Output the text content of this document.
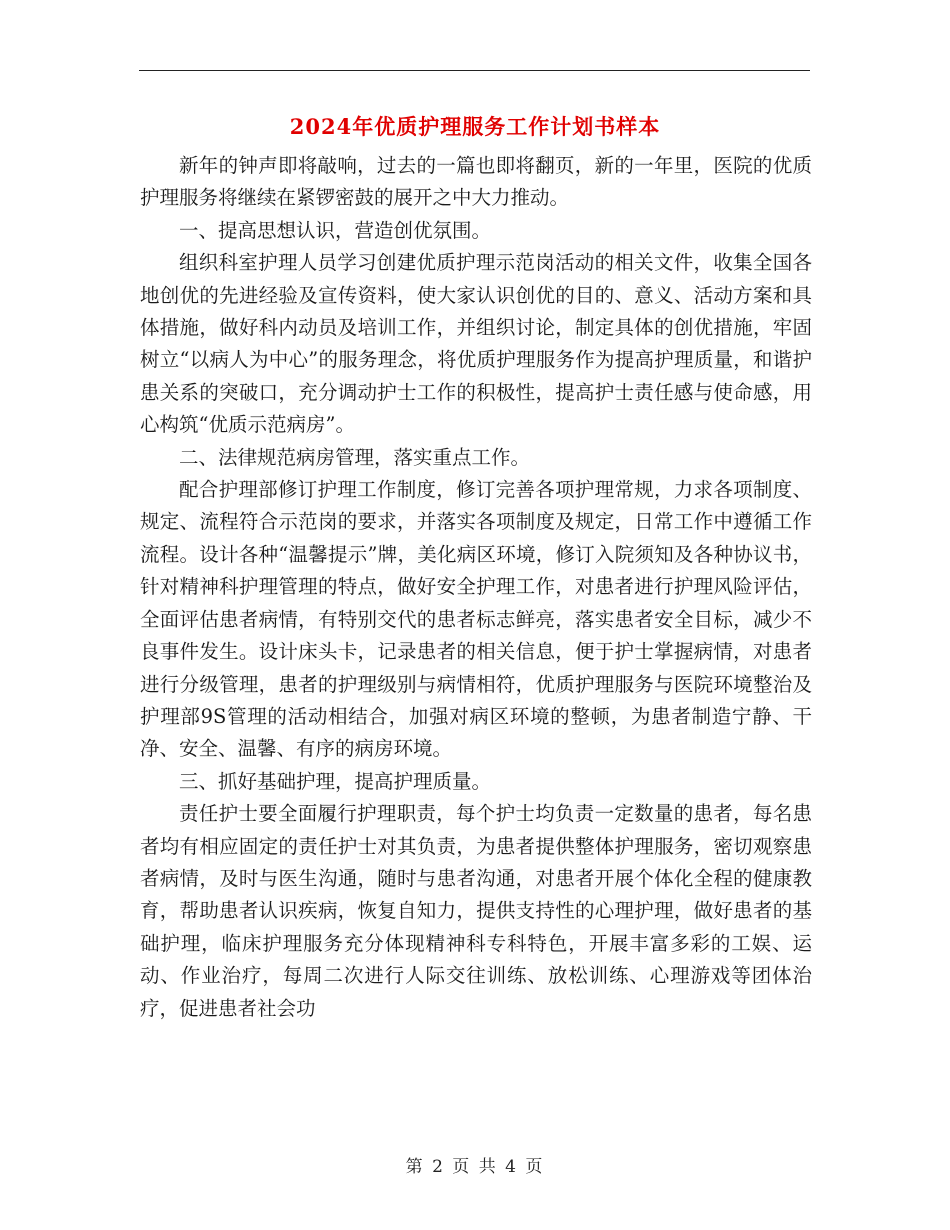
2024年优质护理服务工作计划书样本

新年的钟声即将敲响，过去的一篇也即将翻页，新的一年里，医院的优质护理服务将继续在紧锣密鼓的展开之中大力推动。

一、提高思想认识，营造创优氛围。

组织科室护理人员学习创建优质护理示范岗活动的相关文件，收集全国各地创优的先进经验及宣传资料，使大家认识创优的目的、意义、活动方案和具体措施，做好科内动员及培训工作，并组织讨论，制定具体的创优措施，牢固树立“以病人为中心”的服务理念，将优质护理服务作为提高护理质量，和谐护患关系的突破口，充分调动护士工作的积极性，提高护士责任感与使命感，用心构筑“优质示范病房”。

二、法律规范病房管理，落实重点工作。

配合护理部修订护理工作制度，修订完善各项护理常规，力求各项制度、规定、流程符合示范岗的要求，并落实各项制度及规定，日常工作中遵循工作流程。设计各种“温馨提示”牌，美化病区环境，修订入院须知及各种协议书，针对精神科护理管理的特点，做好安全护理工作，对患者进行护理风险评估，全面评估患者病情，有特别交代的患者标志鲜亮，落实患者安全目标，减少不良事件发生。设计床头卡，记录患者的相关信息，便于护士掌握病情，对患者进行分级管理，患者的护理级别与病情相符，优质护理服务与医院环境整治及护理部9S管理的活动相结合，加强对病区环境的整顿，为患者制造宁静、干净、安全、温馨、有序的病房环境。

三、抓好基础护理，提高护理质量。

责任护士要全面履行护理职责，每个护士均负责一定数量的患者，每名患者均有相应固定的责任护士对其负责，为患者提供整体护理服务，密切观察患者病情，及时与医生沟通，随时与患者沟通，对患者开展个体化全程的健康教育，帮助患者认识疾病，恢复自知力，提供支持性的心理护理，做好患者的基础护理，临床护理服务充分体现精神科专科特色，开展丰富多彩的工娱、运动、作业治疗，每周二次进行人际交往训练、放松训练、心理游戏等团体治疗，促进患者社会功

第 2 页 共 4 页
